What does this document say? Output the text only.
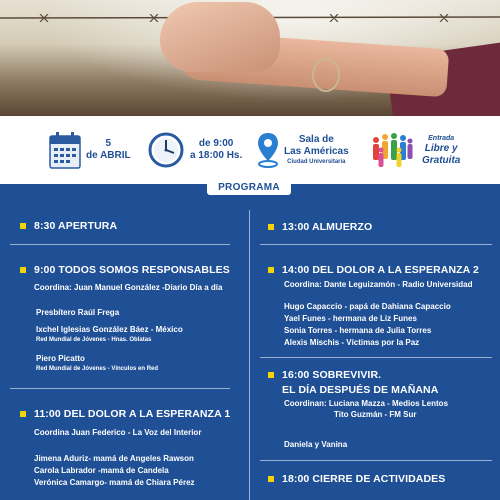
5
de ABRIL
de 9:00
a 18:00 Hs.
Sala de
Las Américas
Ciudad Universitaria
Entrada
Libre y
Gratuita
PROGRAMA
8:30 APERTURA
9:00 TODOS SOMOS RESPONSABLES
Coordina: Juan Manuel González -Diario Día a día
Presbítero Raúl Frega
Ixchel Iglesias González Báez - México
Red Mundial de Jóvenes - Hnas. Oblatas
Piero Picatto
Red Mundial de Jóvenes - Vínculos en Red
11:00 DEL DOLOR A LA ESPERANZA 1
Coordina Juan Federico - La Voz del Interior
Jimena Aduriz- mamá de Angeles Rawson
Carola Labrador -mamá de Candela
Verónica Camargo- mamá de Chiara Pérez
13:00 ALMUERZO
14:00 DEL DOLOR A LA ESPERANZA 2
Coordina: Dante Leguizamón - Radio Universidad
Hugo Capaccio - papá de Dahiana Capaccio
Yael Funes - hermana de Liz Funes
Sonia Torres - hermana de Julia Torres
Alexis Mischis - Víctimas por la Paz
16:00 SOBREVIVIR.
EL DÍA DESPUÉS DE MAÑANA
Coordinan: Luciana Mazza - Medios Lentos
Tito Guzmán - FM Sur
Daniela y Vanina
18:00 CIERRE DE ACTIVIDADES
